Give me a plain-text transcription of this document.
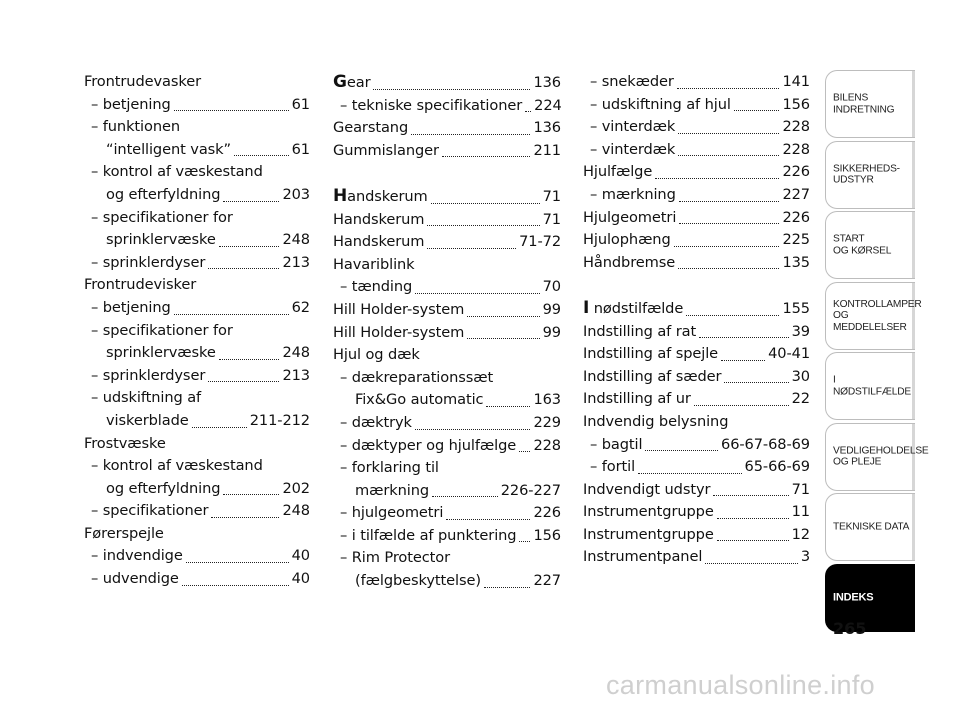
Frontrudevasker
– betjening	61
– funktionen
“intelligent vask”	61
– kontrol af væskestand
og efterfyldning	203
– specifikationer for
sprinklervæske	248
– sprinklerdyser	213
Frontrudevisker
– betjening	62
– specifikationer for
sprinklervæske	248
– sprinklerdyser	213
– udskiftning af
viskerblade	211-212
Frostvæske
– kontrol af væskestand
og efterfyldning	202
– specifikationer	248
Førerspejle
– indvendige	40
– udvendige	40
Gear	136
– tekniske specifikationer 224
Gearstang	136
Gummislanger	211
Handskerum	71
Handskerum	71
Handskerum	71-72
Havariblink
– tænding	70
Hill Holder-system	99
Hill Holder-system	99
Hjul og dæk
– dækreparationssæt
Fix&Go automatic	163
– dæktryk	229
– dæktyper og hjulfælge 228
– forklaring til
mærkning	226-227
– hjulgeometri	226
– i tilfælde af punktering 156
– Rim Protector
(fælgbeskyttelse)	227
– snekæder	141
– udskiftning af hjul	156
– vinterdæk	228
– vinterdæk	228
Hjulfælge	226
– mærkning	227
Hjulgeometri	226
Hjulophæng	225
Håndbremse	135
I nødstilfælde	155
Indstilling af rat	39
Indstilling af spejle	40-41
Indstilling af sæder	30
Indstilling af ur	22
Indvendig belysning
– bagtil	66-67-68-69
– fortil	65-66-69
Indvendigt udstyr	71
Instrumentgruppe	11
Instrumentgruppe	12
Instrumentpanel	3
BILENS
INDRETNING
SIKKERHEDS-
UDSTYR
START
OG KØRSEL
KONTROLLAMPER
OG MEDDELELSER
I NØDSTILFÆLDE
VEDLIGEHOLDELSE
OG PLEJE
TEKNISKE DATA
INDEKS
265
carmanualsonline.info
